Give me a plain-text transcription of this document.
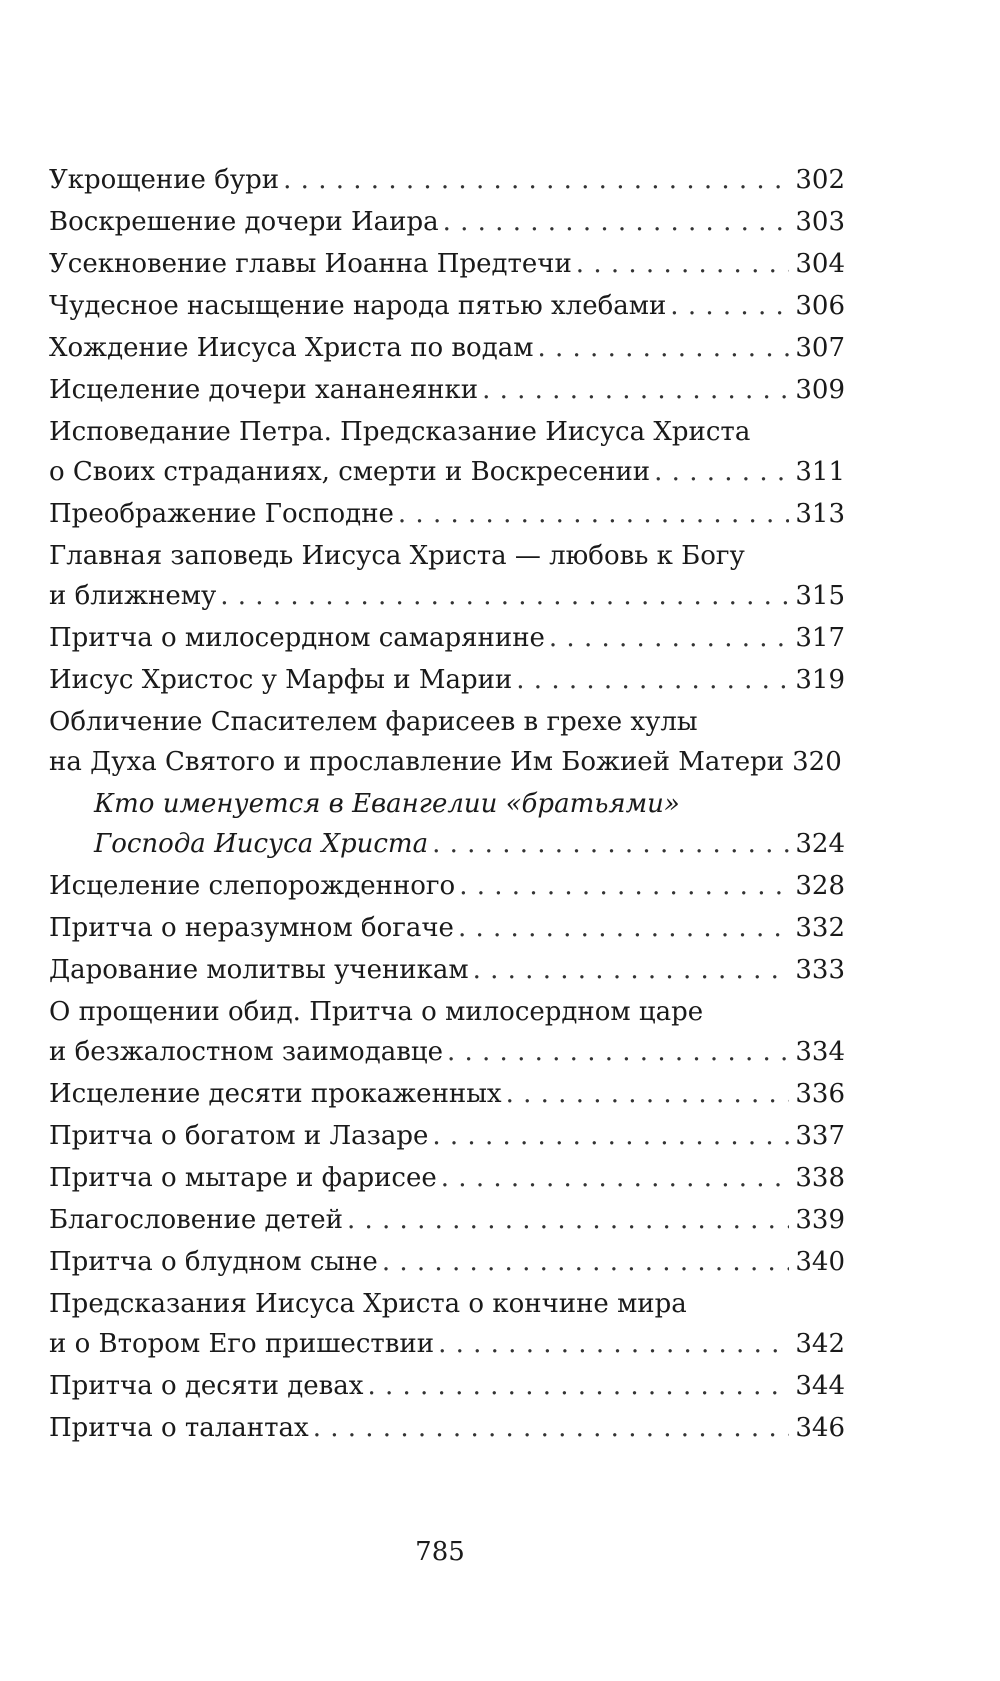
Укрощение бури . . .	302
Воскрешение дочери Иаира . . .	303
Усекновение главы Иоанна Предтечи . . .	304
Чудесное насыщение народа пятью хлебами . . .	306
Хождение Иисуса Христа по водам . . .	307
Исцеление дочери хананеянки . . .	309
Исповедание Петра. Предсказание Иисуса Христа
о Своих страданиях, смерти и Воскресении . . .	311
Преображение Господне . . .	313
Главная заповедь Иисуса Христа — любовь к Богу
и ближнему . . .	315
Притча о милосердном самарянине . . .	317
Иисус Христос у Марфы и Марии . . .	319
Обличение Спасителем фарисеев в грехе хулы
на Духа Святого и прославление Им Божией Матери 320
Кто именуется в Евангелии «братьями»
Господа Иисуса Христа . . .	324
Исцеление слепорожденного . . .	328
Притча о неразумном богаче . . .	332
Дарование молитвы ученикам . . .	333
О прощении обид. Притча о милосердном царе
и безжалостном заимодавце . . .	334
Исцеление десяти прокаженных . . .	336
Притча о богатом и Лазаре . . .	337
Притча о мытаре и фарисее . . .	338
Благословение детей . . .	339
Притча о блудном сыне . . .	340
Предсказания Иисуса Христа о кончине мира
и о Втором Его пришествии . . .	342
Притча о десяти девах . . .	344
Притча о талантах . . .	346
785
